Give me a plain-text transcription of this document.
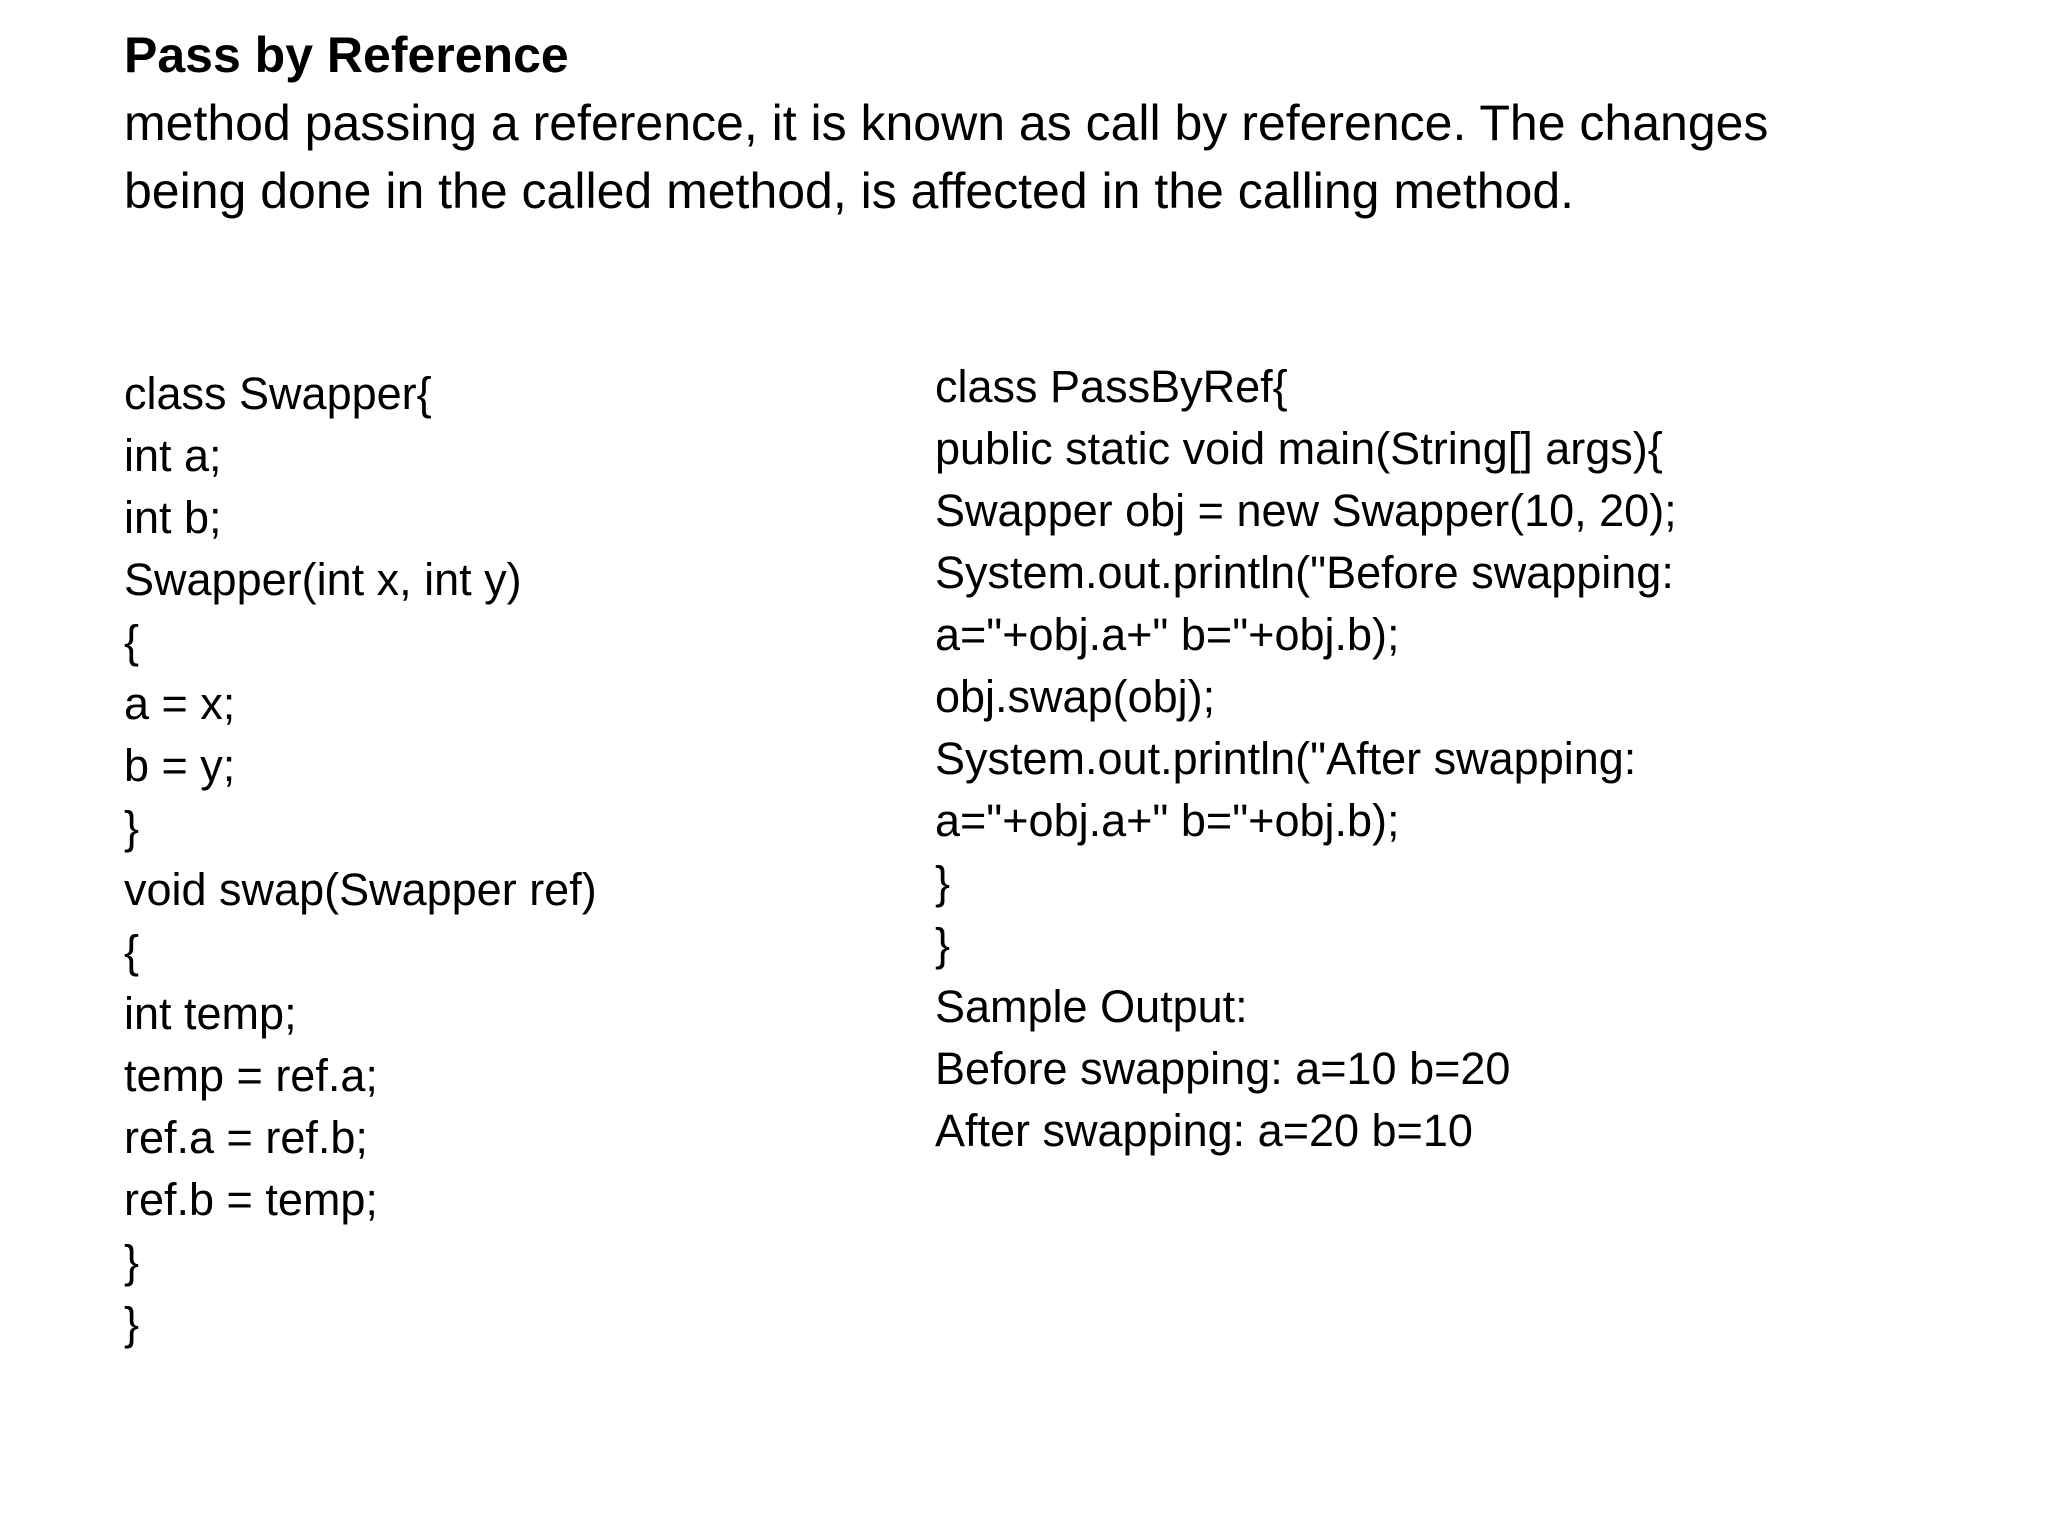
Pass by Reference
method passing a reference, it is known as call by reference. The changes
being done in the called method, is affected in the calling method.
class Swapper{
int a;
int b;
Swapper(int x, int y)
{
a = x;
b = y;
}
void swap(Swapper ref)
{
int temp;
temp = ref.a;
ref.a = ref.b;
ref.b = temp;
}
}
class PassByRef{
public static void main(String[] args){
Swapper obj = new Swapper(10, 20);
System.out.println("Before swapping:
a="+obj.a+" b="+obj.b);
obj.swap(obj);
System.out.println("After swapping:
a="+obj.a+" b="+obj.b);
}
}
Sample Output:
Before swapping: a=10 b=20
After swapping: a=20 b=10
